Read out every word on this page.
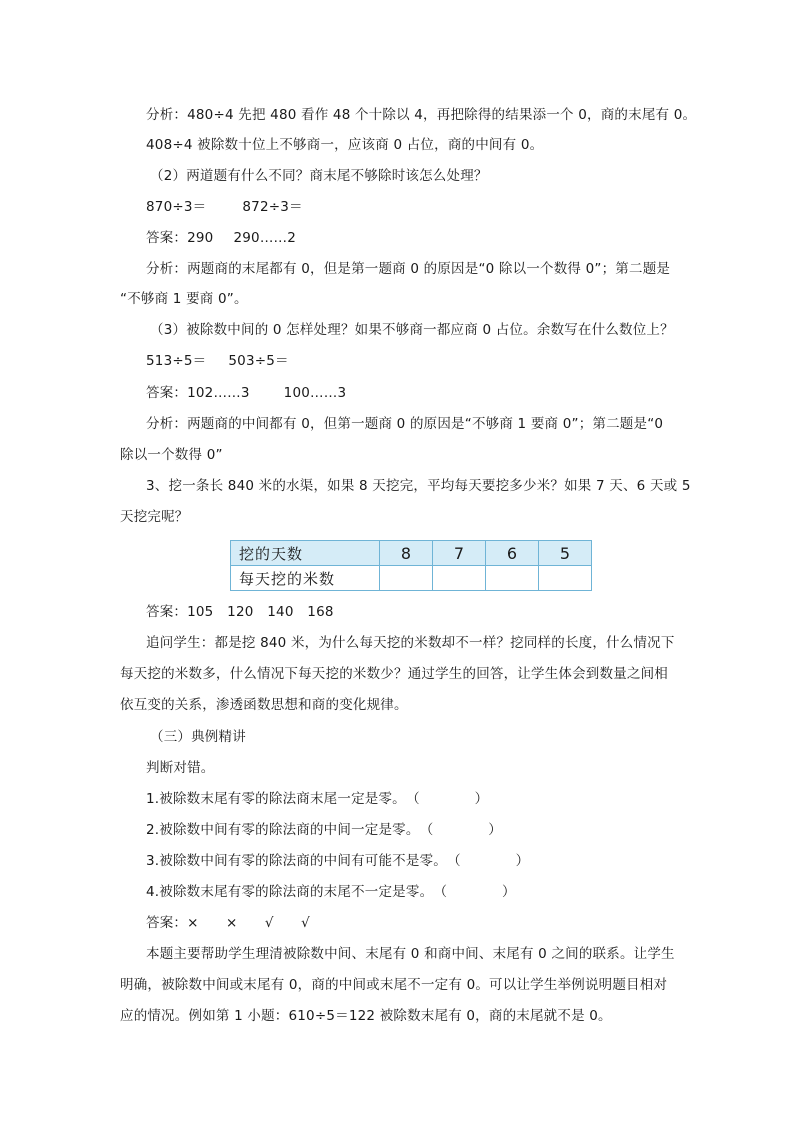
分析：480÷4 先把 480 看作 48 个十除以 4，再把除得的结果添一个 0，商的末尾有 0。
408÷4 被除数十位上不够商一，应该商 0 占位，商的中间有 0。
（2）两道题有什么不同？商末尾不够除时该怎么处理？
870÷3＝	872÷3＝
答案：290 290……2
分析：两题商的末尾都有 0，但是第一题商 0 的原因是“0 除以一个数得 0”；第二题是
“不够商 1 要商 0”。
（3）被除数中间的 0 怎样处理？如果不够商一都应商 0 占位。余数写在什么数位上？
513÷5＝ 503÷5＝
答案：102……3	100……3
分析：两题商的中间都有 0，但第一题商 0 的原因是“不够商 1 要商 0”；第二题是“0
除以一个数得 0”
3、挖一条长 840 米的水渠，如果 8 天挖完，平均每天要挖多少米？如果 7 天、6 天或 5
天挖完呢？
挖的天数	8	7	6	5
每天挖的米数				
答案：105　120　140　168
追问学生：都是挖 840 米，为什么每天挖的米数却不一样？挖同样的长度，什么情况下
每天挖的米数多，什么情况下每天挖的米数少？通过学生的回答，让学生体会到数量之间相
依互变的关系，渗透函数思想和商的变化规律。
（三）典例精讲
判断对错。
1.被除数末尾有零的除法商末尾一定是零。　（　　　　）
2.被除数中间有零的除法商的中间一定是零。　（　　　　）
3.被除数中间有零的除法商的中间有可能不是零。　（　　　　）
4.被除数末尾有零的除法商的末尾不一定是零。　（　　　　）
答案：×　　×　　√　　√
本题主要帮助学生理清被除数中间、末尾有 0 和商中间、末尾有 0 之间的联系。让学生
明确，被除数中间或末尾有 0，商的中间或末尾不一定有 0。可以让学生举例说明题目相对
应的情况。例如第 1 小题：610÷5＝122 被除数末尾有 0，商的末尾就不是 0。
